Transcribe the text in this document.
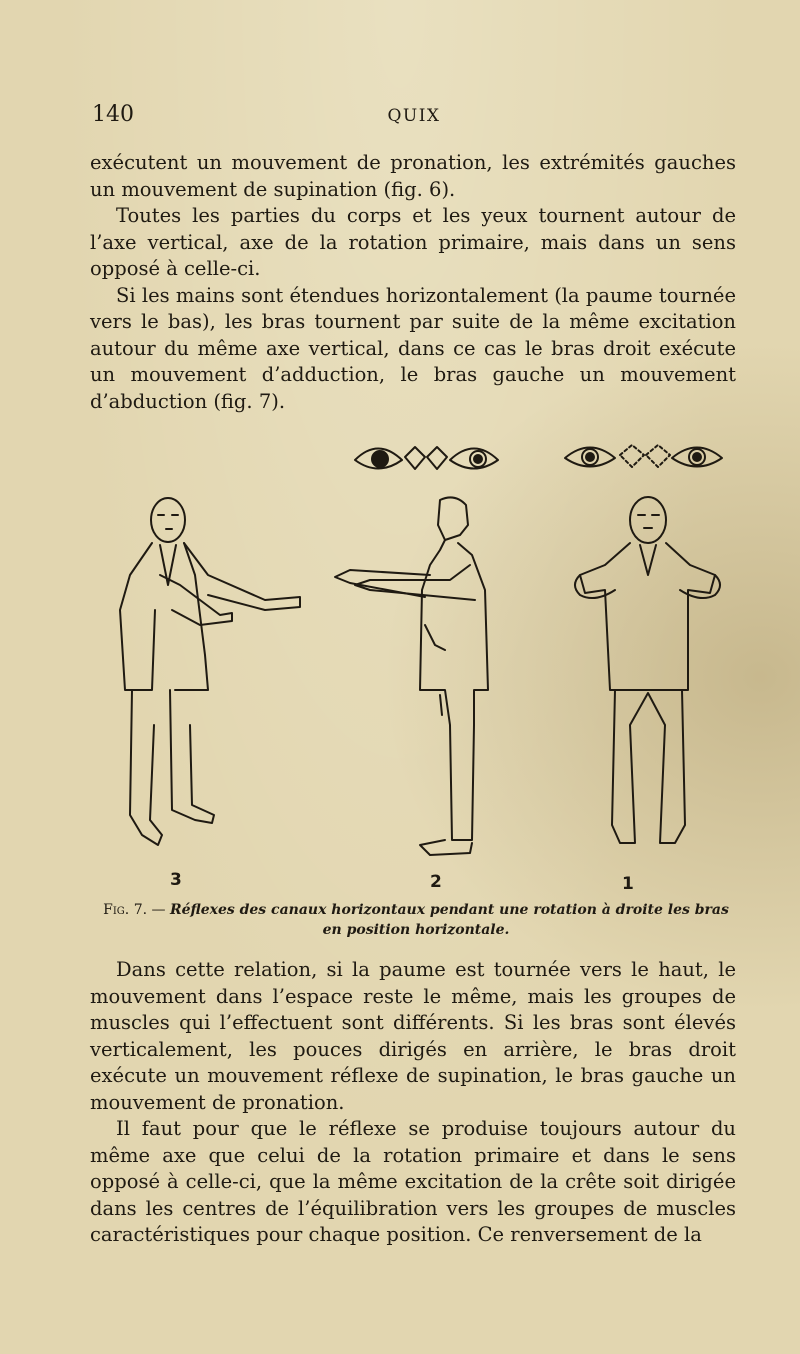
140	QUIX

exécutent un mouvement de pronation, les extrémités gauches un mouvement de supination (fig. 6).

Toutes les parties du corps et les yeux tournent autour de l’axe vertical, axe de la rotation primaire, mais dans un sens opposé à celle-ci.

Si les mains sont étendues horizontalement (la paume tournée vers le bas), les bras tournent par suite de la même excitation autour du même axe vertical, dans ce cas le bras droit exécute un mouvement d’adduction, le bras gauche un mouvement d’abduction (fig. 7).

3	2	1
Fig. 7. — Réflexes des canaux horizontaux pendant une rotation à droite les bras en position horizontale.

Dans cette relation, si la paume est tournée vers le haut, le mouvement dans l’espace reste le même, mais les groupes de muscles qui l’effectuent sont différents. Si les bras sont élevés verticalement, les pouces dirigés en arrière, le bras droit exécute un mouvement réflexe de supination, le bras gauche un mouvement de pronation.

Il faut pour que le réflexe se produise toujours autour du même axe que celui de la rotation primaire et dans le sens opposé à celle-ci, que la même excitation de la crête soit dirigée dans les centres de l’équilibration vers les groupes de muscles caractéristiques pour chaque position. Ce renversement de la
